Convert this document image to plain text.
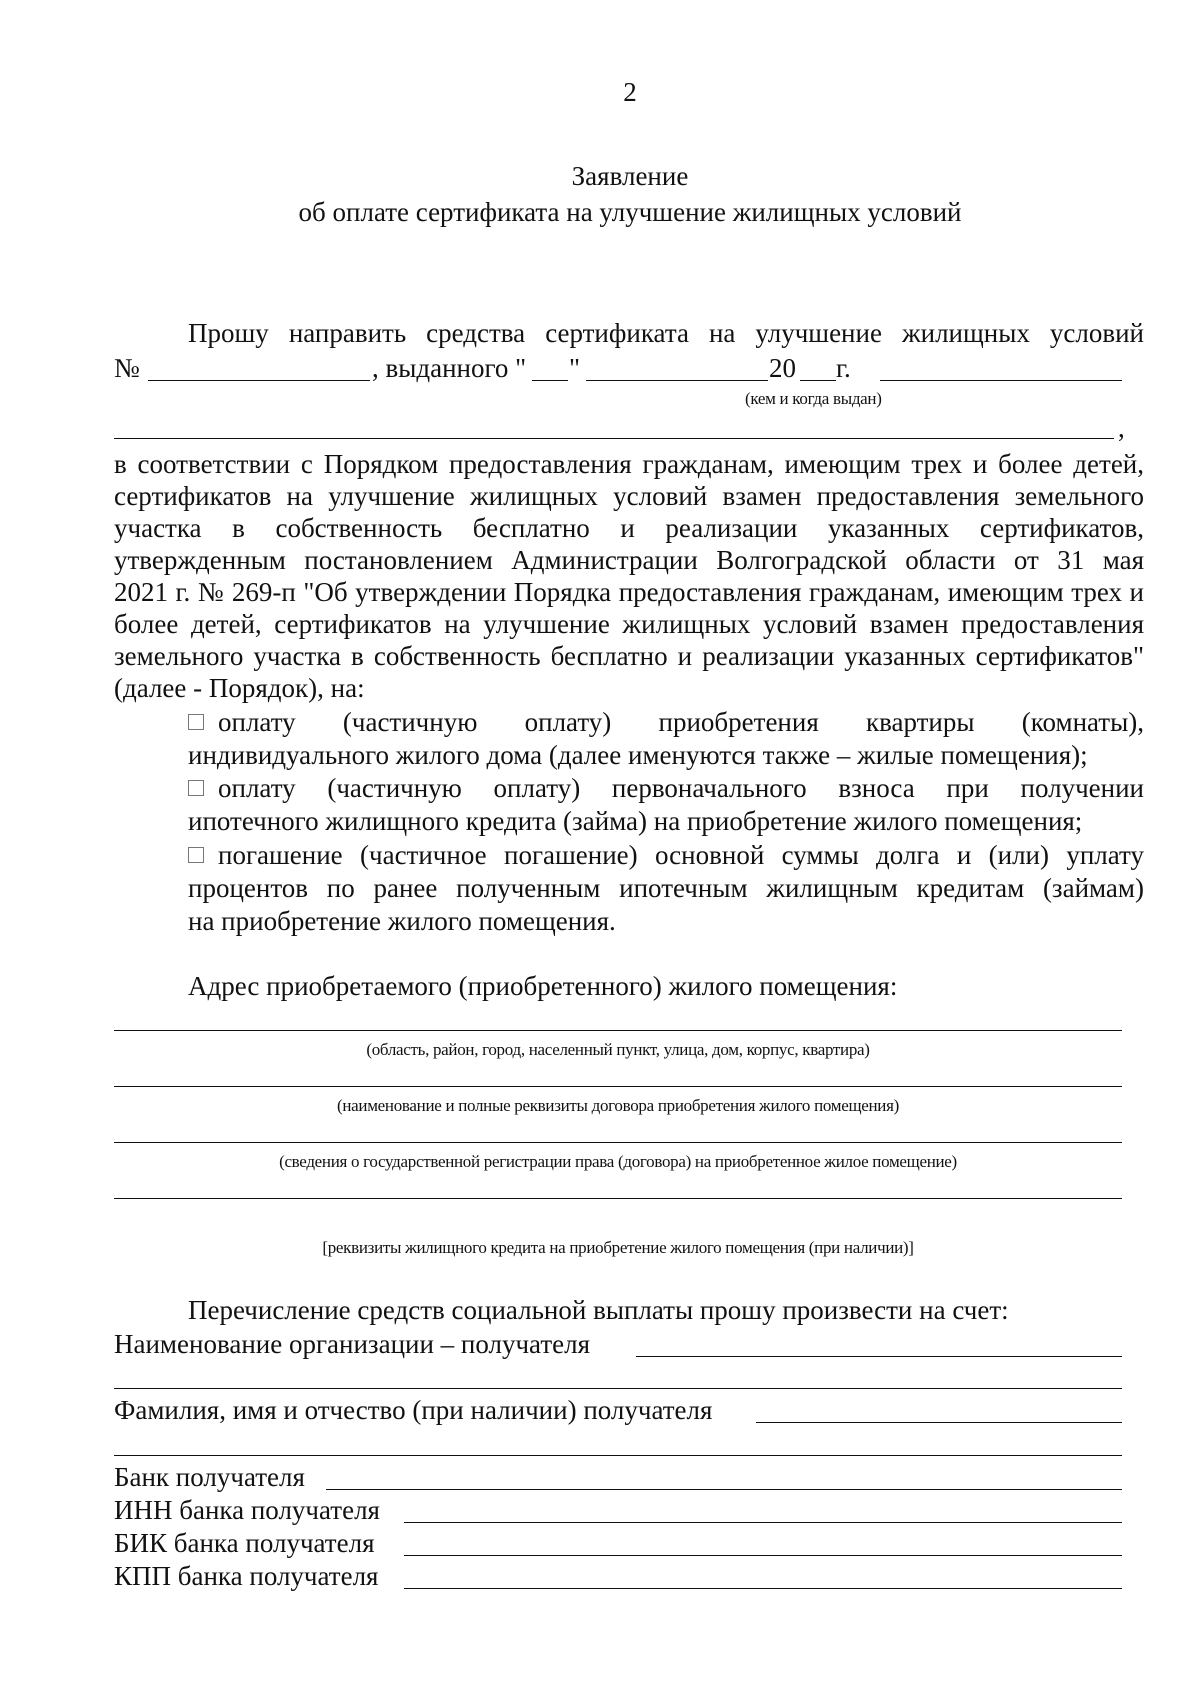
2
Заявление
об оплате сертификата на улучшение жилищных условий
Прошу направить средства сертификата на улучшение жилищных условий
№	, выданного " "	20 г.
(кем и когда выдан)
,
в соответствии с Порядком предоставления гражданам, имеющим трех и более детей,
сертификатов на улучшение жилищных условий взамен предоставления земельного
участка в собственность бесплатно и реализации указанных сертификатов,
утвержденным постановлением Администрации Волгоградской области от 31 мая
2021 г. № 269-п "Об утверждении Порядка предоставления гражданам, имеющим трех и
более детей, сертификатов на улучшение жилищных условий взамен предоставления
земельного участка в собственность бесплатно и реализации указанных сертификатов"
(далее - Порядок), на:
оплату (частичную оплату) приобретения квартиры (комнаты),
индивидуального жилого дома (далее именуются также – жилые помещения);
оплату (частичную оплату) первоначального взноса при получении
ипотечного жилищного кредита (займа) на приобретение жилого помещения;
погашение (частичное погашение) основной суммы долга и (или) уплату
процентов по ранее полученным ипотечным жилищным кредитам (займам)
на приобретение жилого помещения.
Адрес приобретаемого (приобретенного) жилого помещения:
(область, район, город, населенный пункт, улица, дом, корпус, квартира)
(наименование и полные реквизиты договора приобретения жилого помещения)
(сведения о государственной регистрации права (договора) на приобретенное жилое помещение)
[реквизиты жилищного кредита на приобретение жилого помещения (при наличии)]
Перечисление средств социальной выплаты прошу произвести на счет:
Наименование организации – получателя
Фамилия, имя и отчество (при наличии) получателя
Банк получателя
ИНН банка получателя
БИК банка получателя
КПП банка получателя
